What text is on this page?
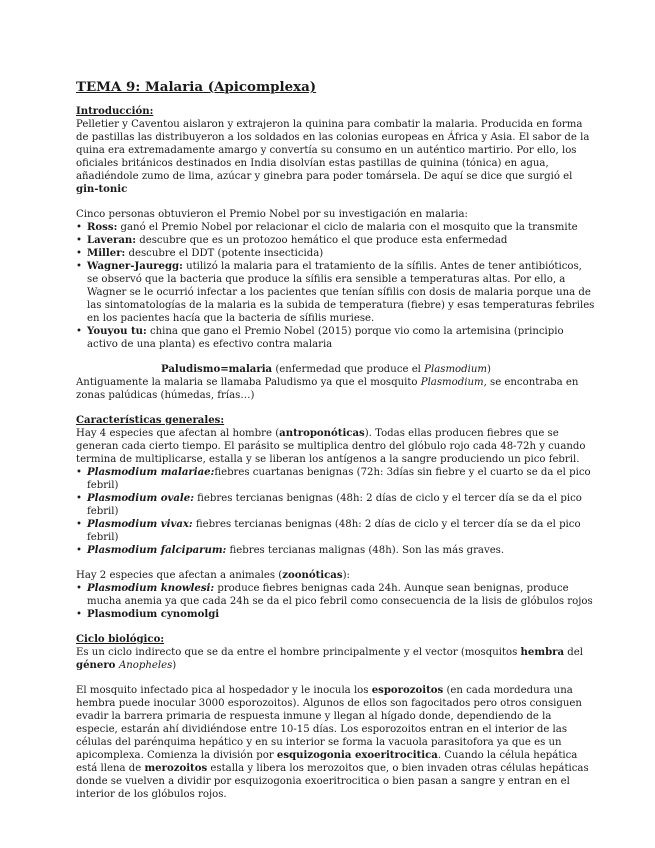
TEMA 9: Malaria (Apicomplexa)
Introducción:

Pelletier y Caventou aislaron y extrajeron la quinina para combatir la malaria. Producida en forma de pastillas las distribuyeron a los soldados en las colonias europeas en África y Asia. El sabor de la quina era extremadamente amargo y convertía su consumo en un auténtico martirio. Por ello, los oficiales británicos destinados en India disolvían estas pastillas de quinina (tónica) en agua, añadiéndole zumo de lima, azúcar y ginebra para poder tomársela. De aquí se dice que surgió el gin-tonic

Cinco personas obtuvieron el Premio Nobel por su investigación en malaria:

• Ross: ganó el Premio Nobel por relacionar el ciclo de malaria con el mosquito que la transmite
• Laveran: descubre que es un protozoo hemático el que produce esta enfermedad
• Miller: descubre el DDT (potente insecticida)
• Wagner-Jauregg: utilizó la malaria para el tratamiento de la sífilis. Antes de tener antibióticos, se observó que la bacteria que produce la sífilis era sensible a temperaturas altas. Por ello, a Wagner se le ocurrió infectar a los pacientes que tenían sífilis con dosis de malaria porque una de las sintomatologías de la malaria es la subida de temperatura (fiebre) y esas temperaturas febriles en los pacientes hacía que la bacteria de sífilis muriese.
• Youyou tu: china que gano el Premio Nobel (2015) porque vio como la artemisina (principio activo de una planta) es efectivo contra malaria

Paludismo=malaria (enfermedad que produce el Plasmodium)

Antiguamente la malaria se llamaba Paludismo ya que el mosquito Plasmodium, se encontraba en zonas palúdicas (húmedas, frías…)

Características generales:

Hay 4 especies que afectan al hombre (antroponóticas). Todas ellas producen fiebres que se generan cada cierto tiempo. El parásito se multiplica dentro del glóbulo rojo cada 48-72h y cuando termina de multiplicarse, estalla y se liberan los antígenos a la sangre produciendo un pico febril.

• Plasmodium malariae:fiebres cuartanas benignas (72h: 3días sin fiebre y el cuarto se da el pico febril)
• Plasmodium ovale: fiebres tercianas benignas (48h: 2 días de ciclo y el tercer día se da el pico febril)
• Plasmodium vivax: fiebres tercianas benignas (48h: 2 días de ciclo y el tercer día se da el pico febril)
• Plasmodium falciparum: fiebres tercianas malignas (48h). Son las más graves.

Hay 2 especies que afectan a animales (zoonóticas):

• Plasmodium knowlesi: produce fiebres benignas cada 24h. Aunque sean benignas, produce mucha anemia ya que cada 24h se da el pico febril como consecuencia de la lisis de glóbulos rojos
• Plasmodium cynomolgi
Ciclo biológico:

Es un ciclo indirecto que se da entre el hombre principalmente y el vector (mosquitos hembra del género Anopheles)

El mosquito infectado pica al hospedador y le inocula los esporozoitos (en cada mordedura una hembra puede inocular 3000 esporozoitos). Algunos de ellos son fagocitados pero otros consiguen evadir la barrera primaria de respuesta inmune y llegan al hígado donde, dependiendo de la especie, estarán ahí dividiéndose entre 10-15 días. Los esporozoitos entran en el interior de las células del parénquima hepático y en su interior se forma la vacuola parasitofora ya que es un apicomplexa. Comienza la división por esquizogonia exoeritrocitica. Cuando la célula hepática está llena de merozoitos estalla y libera los merozoitos que, o bien invaden otras células hepáticas donde se vuelven a dividir por esquizogonia exoeritrocitica o bien pasan a sangre y entran en el interior de los glóbulos rojos.
